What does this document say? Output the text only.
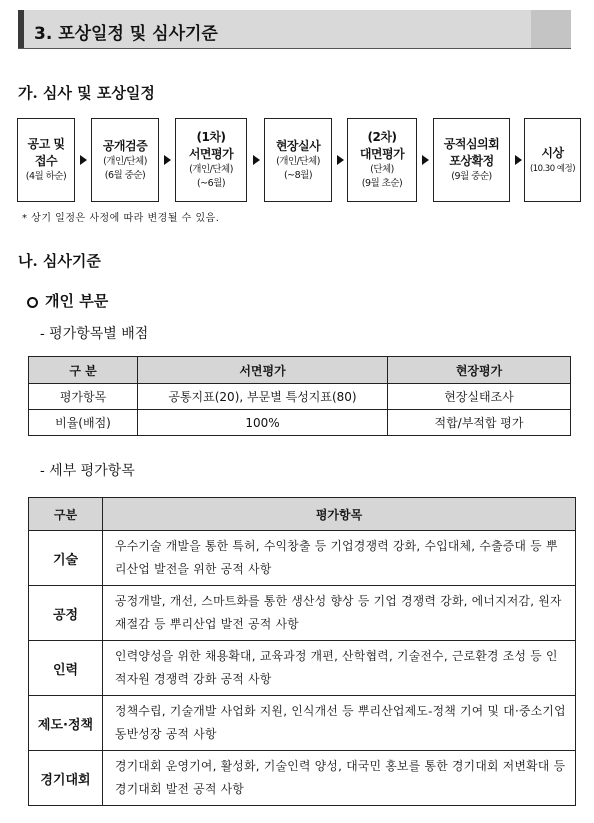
3. 포상일정 및 심사기준
가. 심사 및 포상일정
공고 및
접수
(4월 하순)
공개검증
(개인/단체)
(6월 중순)
(1차)
서면평가
(개인/단체)
(~6월)
현장실사
(개인/단체)
(~8월)
(2차)
대면평가
(단체)
(9월 초순)
공적심의회
포상확정
(9월 중순)
시상
(10.30 예정)
* 상기 일정은 사정에 따라 변경될 수 있음.
나. 심사기준
개인 부문
- 평가항목별 배점
구 분	서면평가	현장평가
평가항목	공통지표(20), 부문별 특성지표(80)	현장실태조사
비율(배점)	100%	적합/부적합 평가
- 세부 평가항목
구분	평가항목
기술	우수기술 개발을 통한 특허, 수익창출 등 기업경쟁력 강화, 수입대체, 수출증대 등 뿌리산업 발전을 위한 공적 사항
공정	공정개발, 개선, 스마트화를 통한 생산성 향상 등 기업 경쟁력 강화, 에너지저감, 원자재절감 등 뿌리산업 발전 공적 사항
인력	인력양성을 위한 채용확대, 교육과정 개편, 산학협력, 기술전수, 근로환경 조성 등 인적자원 경쟁력 강화 공적 사항
제도·정책	정책수립, 기술개발 사업화 지원, 인식개선 등 뿌리산업제도-정책 기여 및 대·중소기업 동반성장 공적 사항
경기대회	경기대회 운영기여, 활성화, 기술인력 양성, 대국민 홍보를 통한 경기대회 저변확대 등 경기대회 발전 공적 사항
